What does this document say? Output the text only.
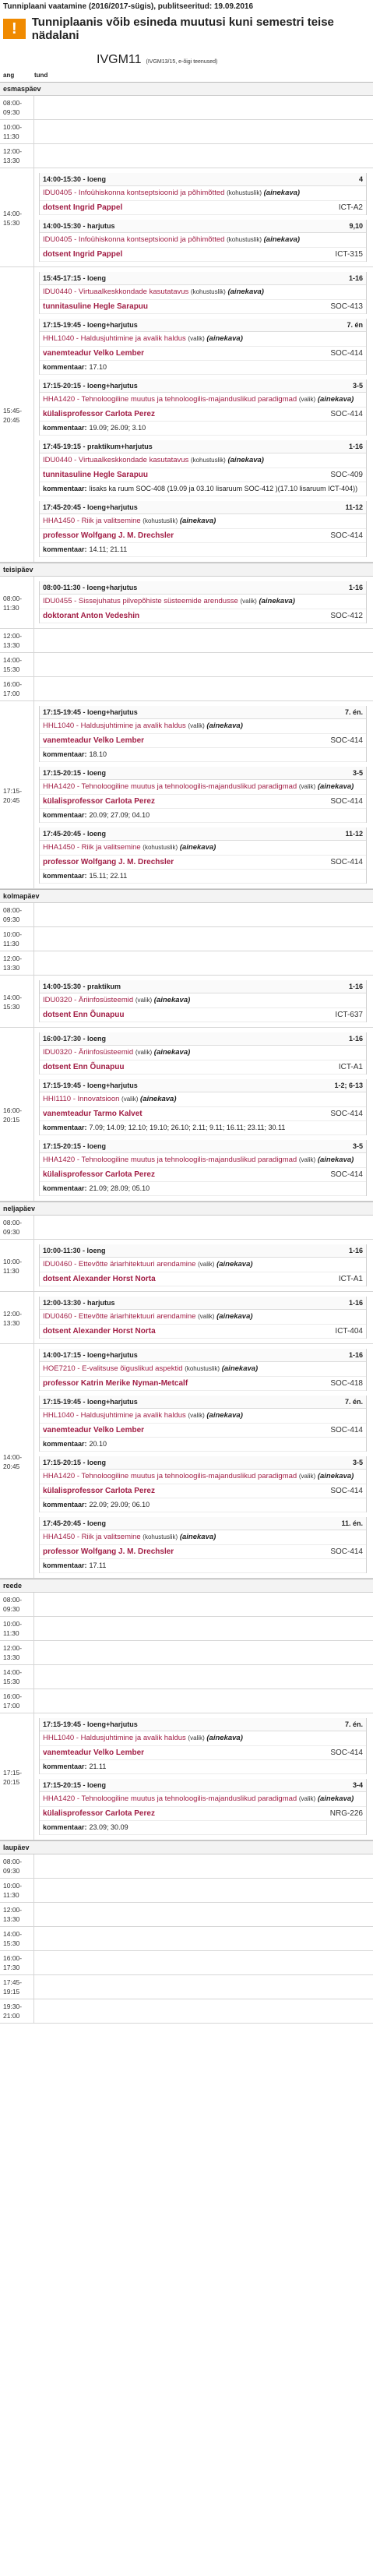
Tunniplaani vaatamine (2016/2017-sügis), publitseeritud: 19.09.2016
!	Tunniplaanis võib esineda muutusi kuni semestri teise nädalani
IVGM11 (IVGM13/15, e-õigi teenused)
ang	tund
esmaspäev
08:00-09:30
10:00-11:30
12:00-13:30
14:00-15:30
14:00-15:30 - loeng	4
IDU0405 - Infoühiskonna kontseptsioonid ja põhimõtted (kohustuslik) (ainekava)
dotsent Ingrid Pappel	ICT-A2
14:00-15:30 - harjutus	9,10
IDU0405 - Infoühiskonna kontseptsioonid ja põhimõtted (kohustuslik) (ainekava)
dotsent Ingrid Pappel	ICT-315
15:45-20:45
15:45-17:15 - loeng	1-16
IDU0440 - Virtuaalkeskkondade kasutatavus (kohustuslik) (ainekava)
tunnitasuline Hegle Sarapuu	SOC-413
17:15-19:45 - loeng+harjutus	7. én
HHL1040 - Haldusjuhtimine ja avalik haldus (valik) (ainekava)
vanemteadur Velko Lember	SOC-414
kommentaar: 17.10
17:15-20:15 - loeng+harjutus	3-5
HHA1420 - Tehnoloogiline muutus ja tehnoloogilis-majanduslikud paradigmad (valik) (ainekava)
külalisprofessor Carlota Perez	SOC-414
kommentaar: 19.09; 26.09; 3.10
17:45-19:15 - praktikum+harjutus	1-16
IDU0440 - Virtuaalkeskkondade kasutatavus (kohustuslik) (ainekava)
tunnitasuline Hegle Sarapuu	SOC-409
kommentaar: lisaks ka ruum SOC-408 (19.09 ja 03.10 lisaruum SOC-412 )(17.10 lisaruum ICT-404))
17:45-20:45 - loeng+harjutus	11-12
HHA1450 - Riik ja valitsemine (kohustuslik) (ainekava)
professor Wolfgang J. M. Drechsler	SOC-414
kommentaar: 14.11; 21.11
teisipäev
08:00-11:30
08:00-11:30 - loeng+harjutus	1-16
IDU0455 - Sissejuhatus pilvepõhiste süsteemide arendusse (valik) (ainekava)
doktorant Anton Vedeshin	SOC-412
12:00-13:30
14:00-15:30
16:00-17:00
17:15-20:45
17:15-19:45 - loeng+harjutus	7. én.
HHL1040 - Haldusjuhtimine ja avalik haldus (valik) (ainekava)
vanemteadur Velko Lember	SOC-414
kommentaar: 18.10
17:15-20:15 - loeng	3-5
HHA1420 - Tehnoloogiline muutus ja tehnoloogilis-majanduslikud paradigmad (valik) (ainekava)
külalisprofessor Carlota Perez	SOC-414
kommentaar: 20.09; 27.09; 04.10
17:45-20:45 - loeng	11-12
HHA1450 - Riik ja valitsemine (kohustuslik) (ainekava)
professor Wolfgang J. M. Drechsler	SOC-414
kommentaar: 15.11; 22.11
kolmapäev
08:00-09:30
10:00-11:30
12:00-13:30
14:00-15:30
14:00-15:30 - praktikum	1-16
IDU0320 - Äriinfosüsteemid (valik) (ainekava)
dotsent Enn Õunapuu	ICT-637
16:00-20:15
16:00-17:30 - loeng	1-16
IDU0320 - Äriinfosüsteemid (valik) (ainekava)
dotsent Enn Õunapuu	ICT-A1
17:15-19:45 - loeng+harjutus	1-2; 6-13
HHI1110 - Innovatsioon (valik) (ainekava)
vanemteadur Tarmo Kalvet	SOC-414
kommentaar: 7.09; 14.09; 12.10; 19.10; 26.10; 2.11; 9.11; 16.11; 23.11; 30.11
17:15-20:15 - loeng	3-5
HHA1420 - Tehnoloogiline muutus ja tehnoloogilis-majanduslikud paradigmad (valik) (ainekava)
külalisprofessor Carlota Perez	SOC-414
kommentaar: 21.09; 28.09; 05.10
neljapäev
08:00-09:30
10:00-11:30
10:00-11:30 - loeng	1-16
IDU0460 - Ettevõtte äriarhitektuuri arendamine (valik) (ainekava)
dotsent Alexander Horst Norta	ICT-A1
12:00-13:30
12:00-13:30 - harjutus	1-16
IDU0460 - Ettevõtte äriarhitektuuri arendamine (valik) (ainekava)
dotsent Alexander Horst Norta	ICT-404
14:00-20:45
14:00-17:15 - loeng+harjutus	1-16
HOE7210 - E-valitsuse õiguslikud aspektid (kohustuslik) (ainekava)
professor Katrin Merike Nyman-Metcalf	SOC-418
17:15-19:45 - loeng+harjutus	7. én.
HHL1040 - Haldusjuhtimine ja avalik haldus (valik) (ainekava)
vanemteadur Velko Lember	SOC-414
kommentaar: 20.10
17:15-20:15 - loeng	3-5
HHA1420 - Tehnoloogiline muutus ja tehnoloogilis-majanduslikud paradigmad (valik) (ainekava)
külalisprofessor Carlota Perez	SOC-414
kommentaar: 22.09; 29.09; 06.10
17:45-20:45 - loeng	11. én.
HHA1450 - Riik ja valitsemine (kohustuslik) (ainekava)
professor Wolfgang J. M. Drechsler	SOC-414
kommentaar: 17.11
reede
08:00-09:30
10:00-11:30
12:00-13:30
14:00-15:30
16:00-17:00
17:15-20:15
17:15-19:45 - loeng+harjutus	7. én.
HHL1040 - Haldusjuhtimine ja avalik haldus (valik) (ainekava)
vanemteadur Velko Lember	SOC-414
kommentaar: 21.11
17:15-20:15 - loeng	3-4
HHA1420 - Tehnoloogiline muutus ja tehnoloogilis-majanduslikud paradigmad (valik) (ainekava)
külalisprofessor Carlota Perez	NRG-226
kommentaar: 23.09; 30.09
laupäev
08:00-09:30
10:00-11:30
12:00-13:30
14:00-15:30
16:00-17:30
17:45-19:15
19:30-21:00
